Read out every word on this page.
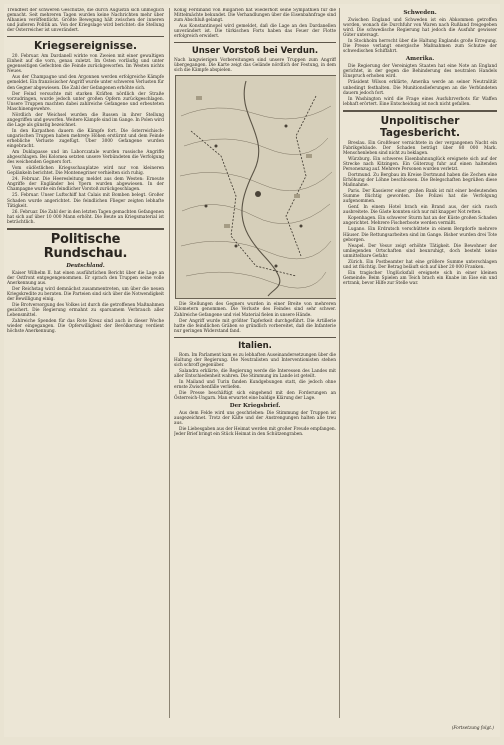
Trendfest der schweren Geschütze, die durch Augustin sich unmöglich gemacht. Seit mehreren Tagen wurden keine Nachrichten mehr über Albanien veröffentlicht. Größte Bewegung hält zwischen der inneren und äußeren Politik an. Von der Kriegslage wird berichtet: die Stellung der Österreicher ist unverändert.

Kriegsereignisse.

20. Februar. Am Dardanell wirkte von Zweien mit einer gewaltigen Einheit auf die vorn, genau zuletzt. Im Osten vorläufig und unter gegenseitigen Gefechten die Feinde zurückgeworfen. Im Westen nichts Neues.

Aus der Champagne und den Argonnen werden erfolgreiche Kämpfe gemeldet. Ein französischer Angriff wurde unter schweren Verlusten für den Gegner abgewiesen. Die Zahl der Gefangenen erhöhte sich.

Der Feind versuchte mit starken Kräften nördlich der Straße vorzudringen, wurde jedoch unter großen Opfern zurückgeschlagen. Unsere Truppen machten dabei zahlreiche Gefangene und erbeuteten Maschinengewehre.

Nördlich der Weichsel wurden die Russen in ihrer Stellung angegriffen und geworfen. Weitere Kämpfe sind im Gange. In Polen wird die Lage als günstig bezeichnet.

In den Karpathen dauern die Kämpfe fort. Die österreichisch-ungarischen Truppen haben mehrere Höhen erstürmt und dem Feinde erhebliche Verluste zugefügt. Über 3000 Gefangene wurden eingebracht.

Am Duklapasse und im Laborczatale wurden russische Angriffe abgeschlagen. Bei Kolomea setzten unsere Verbündeten die Verfolgung des weichenden Gegners fort.

Vom südöstlichen Kriegsschauplatze wird nur von kleineren Geplänkeln berichtet. Die Montenegriner verhielten sich ruhig.

24. Februar. Die Heeresleitung meldet aus dem Westen: Erneute Angriffe der Engländer bei Ypern wurden abgewiesen. In der Champagne wurde ein feindlicher Vorstoß zurückgeschlagen.

25. Februar. Unser Luftschiff hat Calais mit Bomben belegt. Großer Schaden wurde angerichtet. Die feindlichen Flieger zeigten lebhafte Tätigkeit.

26. Februar. Die Zahl der in den letzten Tagen gemachten Gefangenen hat sich auf über 10 000 Mann erhöht. Die Beute an Kriegsmaterial ist beträchtlich.

Politische Rundschau.
Deutschland.

Kaiser Wilhelm II. hat einen ausführlichen Bericht über die Lage an der Ostfront entgegengenommen. Er sprach den Truppen seine volle Anerkennung aus.

Der Reichstag wird demnächst zusammentreten, um über die neuen Kriegskredite zu beraten. Die Parteien sind sich über die Notwendigkeit der Bewilligung einig.

Die Brotversorgung des Volkes ist durch die getroffenen Maßnahmen gesichert. Die Regierung ermahnt zu sparsamem Verbrauch aller Lebensmittel.

Zahlreiche Spenden für das Rote Kreuz sind auch in dieser Woche wieder eingegangen. Die Opferwilligkeit der Bevölkerung verdient höchste Anerkennung.

König Ferdinand von Bulgarien hat wiederholt seine Sympathien für die Mittelmächte bekundet. Die Verhandlungen über die Eisenbahnfrage sind zum Abschluß gelangt.

Aus Konstantinopel wird gemeldet, daß die Lage an den Dardanellen unverändert ist. Die türkischen Forts haben das Feuer der Flotte erfolgreich erwidert.

Unser Vorstoß bei Verdun.

Nach langwierigen Vorbereitungen sind unsere Truppen zum Angriff übergegangen. Die Karte zeigt das Gelände nördlich der Festung, in dem sich die Kämpfe abspielen.

Die Stellungen des Gegners wurden in einer Breite von mehreren Kilometern genommen. Die Verluste des Feindes sind sehr schwer. Zahlreiche Gefangene und viel Material fielen in unsere Hände.

Der Angriff wurde mit größter Tapferkeit durchgeführt. Die Artillerie hatte die feindlichen Gräben so gründlich vorbereitet, daß die Infanterie nur geringen Widerstand fand.

Italien.

Rom. Im Parlament kam es zu lebhaften Auseinandersetzungen über die Haltung der Regierung. Die Neutralisten und Interventionisten stehen sich schroff gegenüber.

Salandra erklärte, die Regierung werde die Interessen des Landes mit aller Entschiedenheit wahren. Die Stimmung im Lande ist geteilt.

In Mailand und Turin fanden Kundgebungen statt, die jedoch ohne ernste Zwischenfälle verliefen.

Die Presse beschäftigt sich eingehend mit den Forderungen an Österreich-Ungarn. Man erwartet eine baldige Klärung der Lage.

Der Kriegsbrief.

Aus dem Felde wird uns geschrieben: Die Stimmung der Truppen ist ausgezeichnet. Trotz der Kälte und der Anstrengungen halten alle treu aus.

Die Liebesgaben aus der Heimat werden mit großer Freude empfangen. Jeder Brief bringt ein Stück Heimat in den Schützengraben.

Schweden.

Zwischen England und Schweden ist ein Abkommen getroffen worden, wonach die Durchfuhr von Waren nach Rußland freigegeben wird. Die schwedische Regierung hat jedoch die Ausfuhr gewisser Güter untersagt.

In Stockholm herrscht über die Haltung Englands große Erregung. Die Presse verlangt energische Maßnahmen zum Schutze der schwedischen Schiffahrt.

Amerika.

Die Regierung der Vereinigten Staaten hat eine Note an England gerichtet, in der gegen die Behinderung des neutralen Handels Einspruch erhoben wird.

Präsident Wilson erklärte, Amerika werde an seiner Neutralität unbedingt festhalten. Die Munitionslieferungen an die Verbündeten dauern jedoch fort.

In Washington wird die Frage eines Ausfuhrverbots für Waffen lebhaft erörtert. Eine Entscheidung ist noch nicht gefallen.

Unpolitischer Tagesbericht.

Breslau. Ein Großfeuer vernichtete in der vergangenen Nacht ein Fabrikgebäude. Der Schaden beträgt über 80 000 Mark. Menschenleben sind nicht zu beklagen.

Würzburg. Ein schweres Eisenbahnunglück ereignete sich auf der Strecke nach Kitzingen. Ein Güterzug fuhr auf einen haltenden Personenzug auf. Mehrere Personen wurden verletzt.

Dortmund. Zu Bergbau im Kreise Dortmund haben die Zechen eine Erhöhung der Löhne beschlossen. Die Belegschaften begrüßen diese Maßnahme.

Paris. Der Kassierer einer großen Bank ist mit einer bedeutenden Summe flüchtig geworden. Die Polizei hat die Verfolgung aufgenommen.

Genf. In einem Hotel brach ein Brand aus, der sich rasch ausbreitete. Die Gäste konnten sich nur mit knapper Not retten.

Kopenhagen. Ein schwerer Sturm hat an der Küste großen Schaden angerichtet. Mehrere Fischerboote werden vermißt.

Lugano. Ein Erdrutsch verschüttete in einem Bergdorfe mehrere Häuser. Die Rettungsarbeiten sind im Gange. Bisher wurden drei Tote geborgen.

Neapel. Der Vesuv zeigt erhöhte Tätigkeit. Die Bewohner der umliegenden Ortschaften sind beunruhigt, doch besteht keine unmittelbare Gefahr.

Zürich. Ein Postbeamter hat eine größere Summe unterschlagen und ist flüchtig. Der Betrag beläuft sich auf über 20 000 Franken.

Ein tragischer Unglücksfall ereignete sich in einer kleinen Gemeinde: Beim Spielen am Teich brach ein Knabe im Eise ein und ertrank, bevor Hilfe zur Stelle war.

(Fortsetzung folgt.)
